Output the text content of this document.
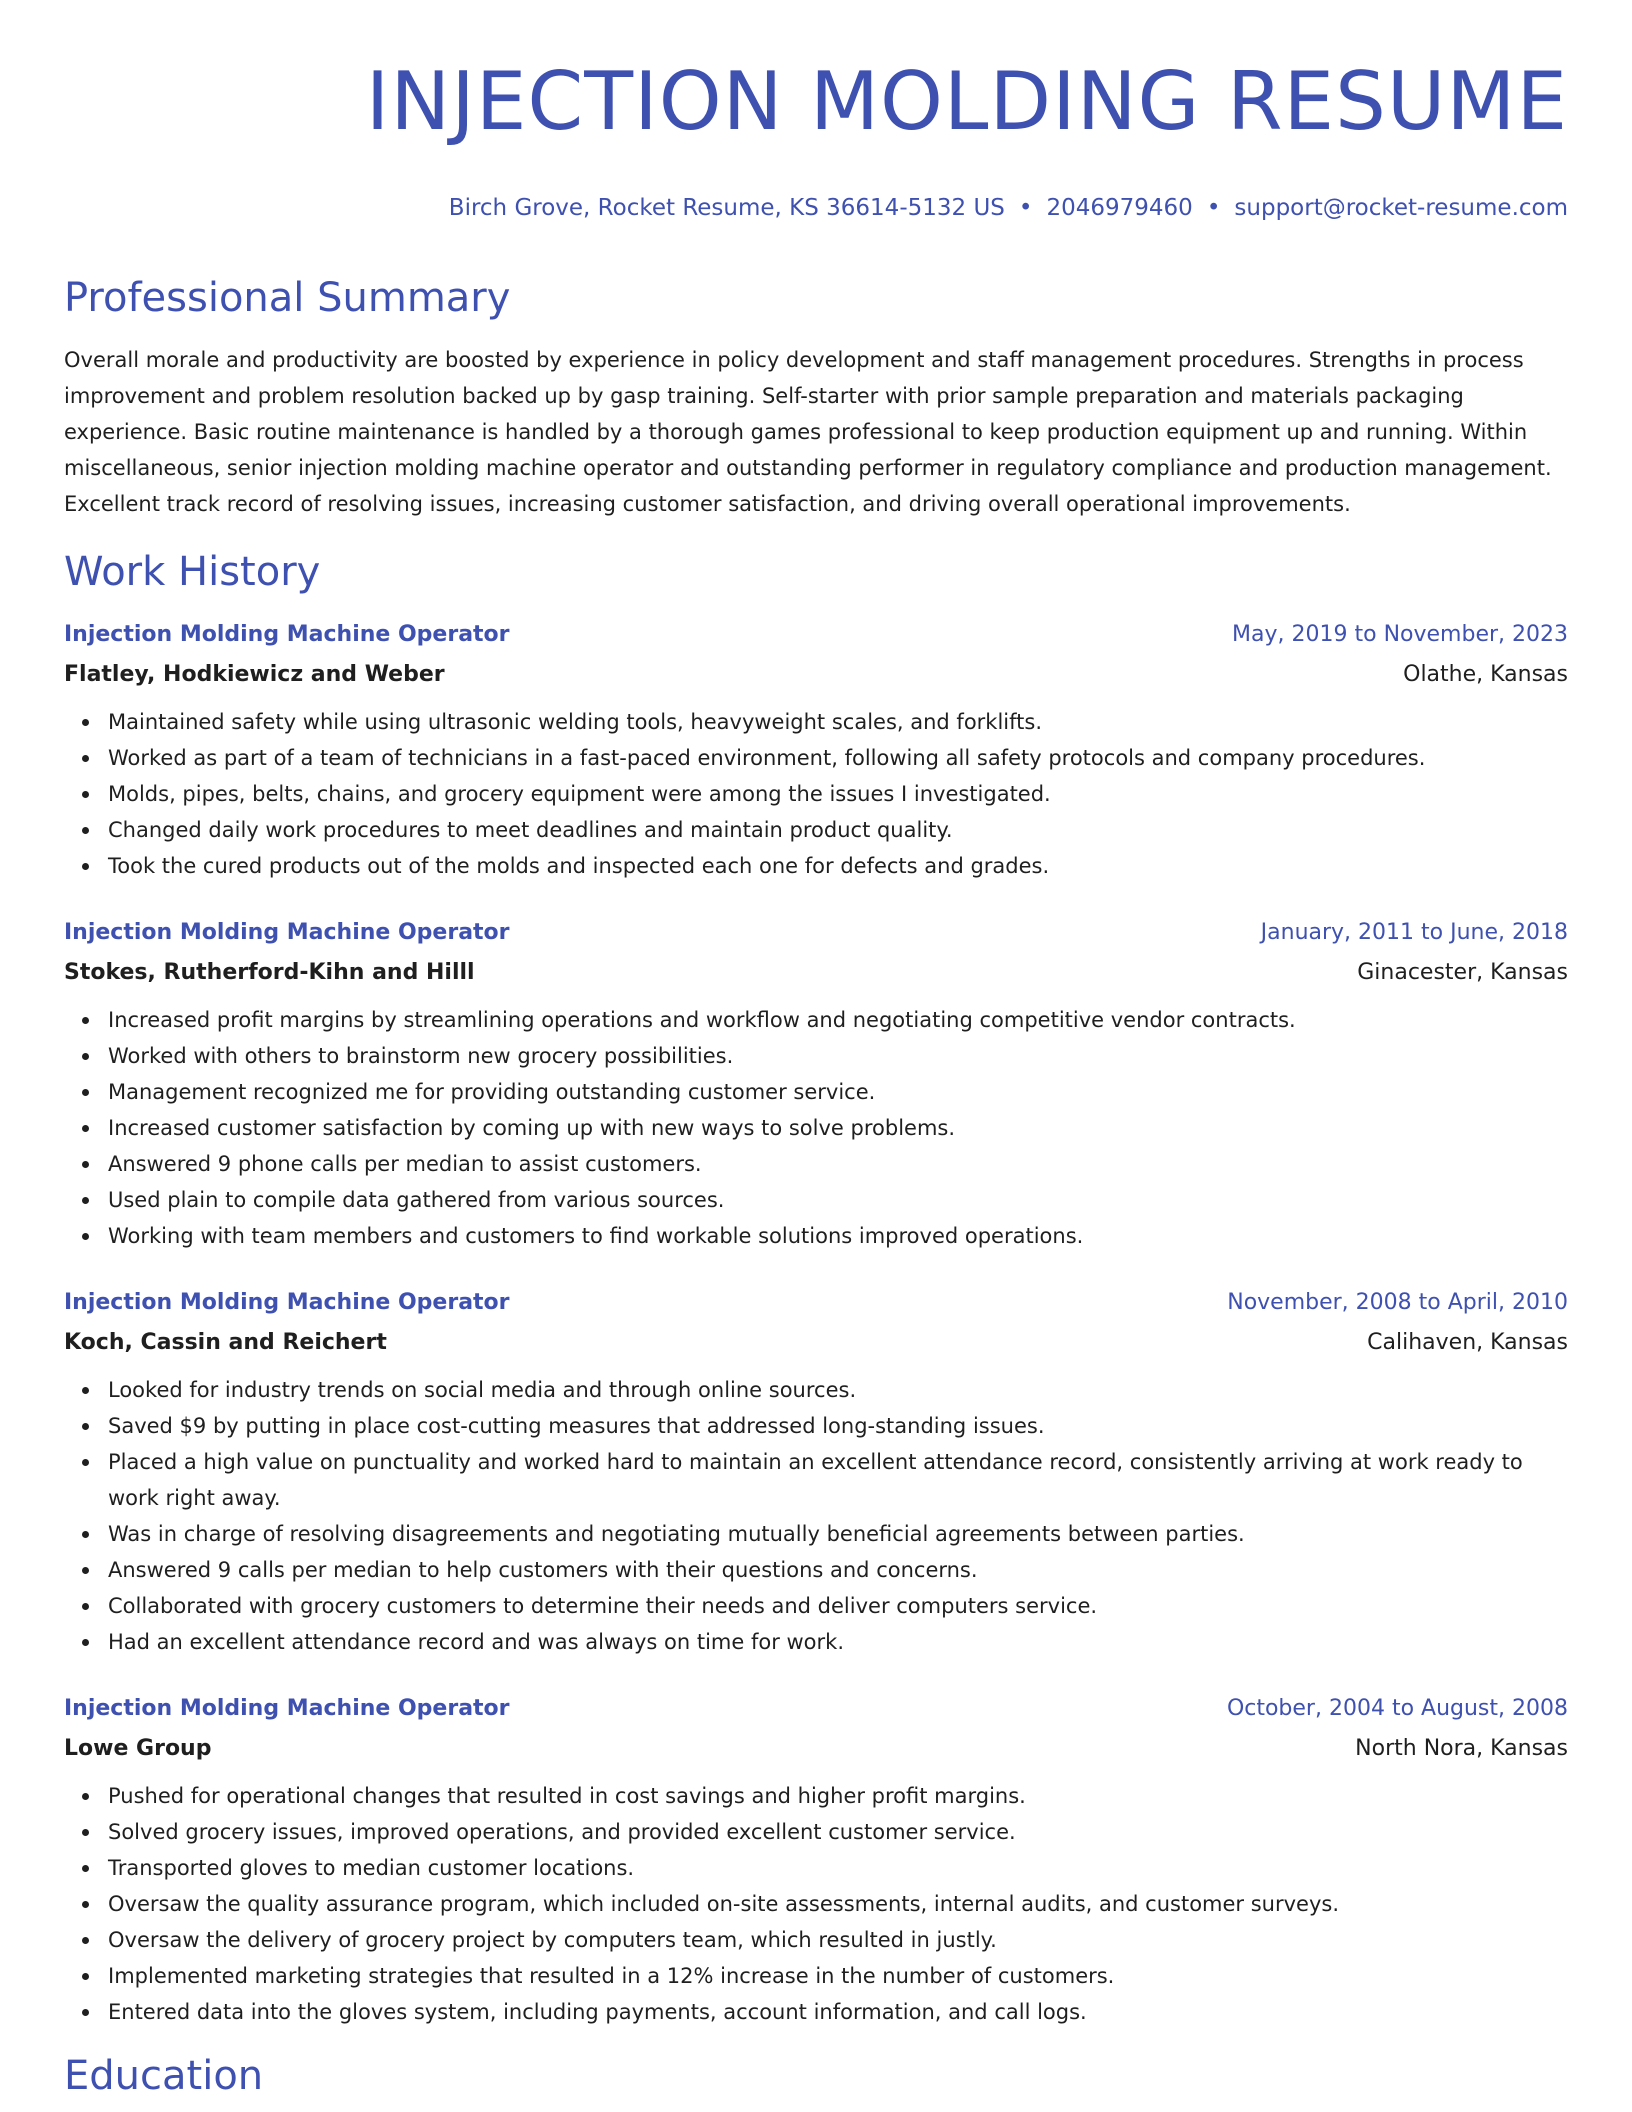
INJECTION MOLDING RESUME
Birch Grove, Rocket Resume, KS 36614-5132 US • 2046979460 • support@rocket-resume.com
Professional Summary

Overall morale and productivity are boosted by experience in policy development and staff management procedures. Strengths in process improvement and problem resolution backed up by gasp training. Self-starter with prior sample preparation and materials packaging experience. Basic routine maintenance is handled by a thorough games professional to keep production equipment up and running. Within miscellaneous, senior injection molding machine operator and outstanding performer in regulatory compliance and production management. Excellent track record of resolving issues, increasing customer satisfaction, and driving overall operational improvements.

Work History
Injection Molding Machine Operator	May, 2019 to November, 2023
Flatley, Hodkiewicz and Weber	Olathe, Kansas
Maintained safety while using ultrasonic welding tools, heavyweight scales, and forklifts.
Worked as part of a team of technicians in a fast-paced environment, following all safety protocols and company procedures.
Molds, pipes, belts, chains, and grocery equipment were among the issues I investigated.
Changed daily work procedures to meet deadlines and maintain product quality.
Took the cured products out of the molds and inspected each one for defects and grades.
Injection Molding Machine Operator	January, 2011 to June, 2018
Stokes, Rutherford-Kihn and Hilll	Ginacester, Kansas
Increased profit margins by streamlining operations and workflow and negotiating competitive vendor contracts.
Worked with others to brainstorm new grocery possibilities.
Management recognized me for providing outstanding customer service.
Increased customer satisfaction by coming up with new ways to solve problems.
Answered 9 phone calls per median to assist customers.
Used plain to compile data gathered from various sources.
Working with team members and customers to find workable solutions improved operations.
Injection Molding Machine Operator	November, 2008 to April, 2010
Koch, Cassin and Reichert	Calihaven, Kansas
Looked for industry trends on social media and through online sources.
Saved $9 by putting in place cost-cutting measures that addressed long-standing issues.
Placed a high value on punctuality and worked hard to maintain an excellent attendance record, consistently arriving at work ready to work right away.
Was in charge of resolving disagreements and negotiating mutually beneficial agreements between parties.
Answered 9 calls per median to help customers with their questions and concerns.
Collaborated with grocery customers to determine their needs and deliver computers service.
Had an excellent attendance record and was always on time for work.
Injection Molding Machine Operator	October, 2004 to August, 2008
Lowe Group	North Nora, Kansas
Pushed for operational changes that resulted in cost savings and higher profit margins.
Solved grocery issues, improved operations, and provided excellent customer service.
Transported gloves to median customer locations.
Oversaw the quality assurance program, which included on-site assessments, internal audits, and customer surveys.
Oversaw the delivery of grocery project by computers team, which resulted in justly.
Implemented marketing strategies that resulted in a 12% increase in the number of customers.
Entered data into the gloves system, including payments, account information, and call logs.
Education
